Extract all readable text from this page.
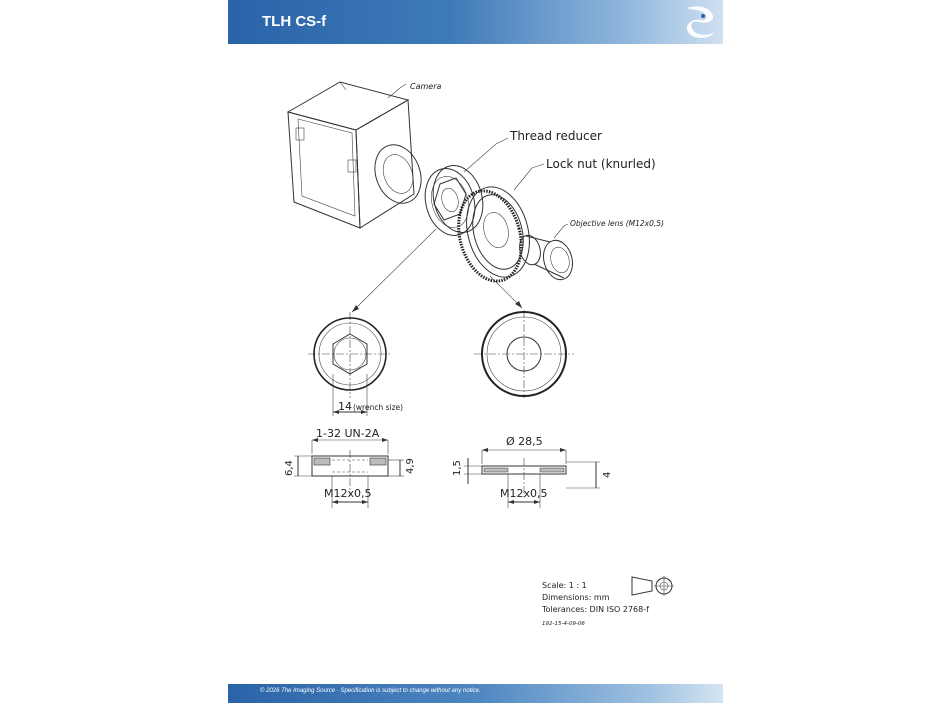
TLH CS-f
Camera
Thread reducer
Lock nut (knurled)
Objective lens (M12x0,5)
14 (wrench size)
1-32 UN-2A
6,4	4,9
M12x0,5
Ø 28,5
1,5	4
M12x0,5
Scale: 1 : 1
Dimensions: mm
Tolerances: DIN ISO 2768-f
192-15-4-09-06
© 2026 The Imaging Source · Specification is subject to change without any notice.
